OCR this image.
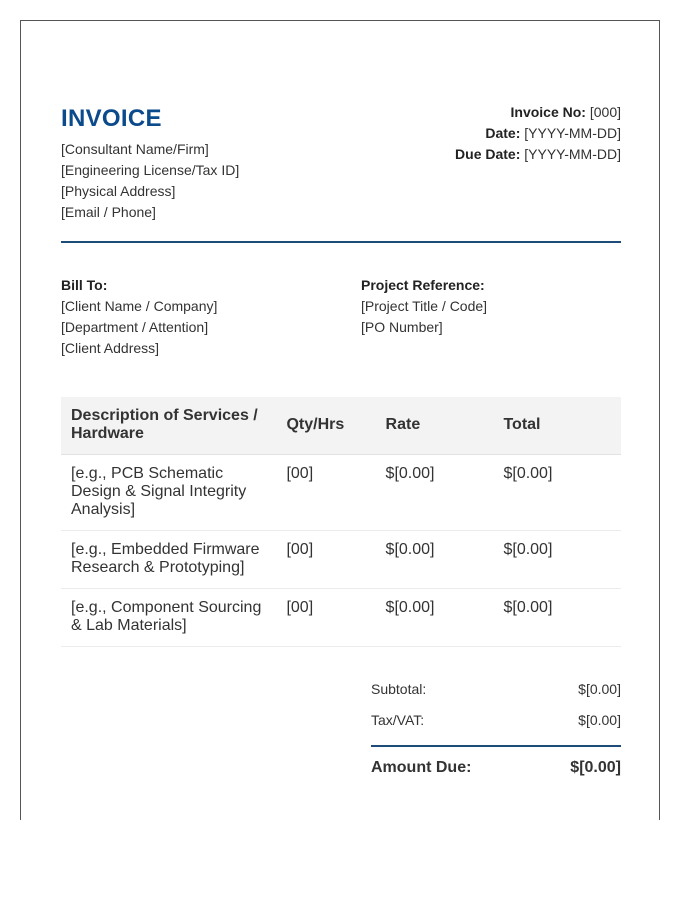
INVOICE
[Consultant Name/Firm]
[Engineering License/Tax ID]
[Physical Address]
[Email / Phone]
Invoice No: [000]
Date: [YYYY-MM-DD]
Due Date: [YYYY-MM-DD]
Bill To:
[Client Name / Company]
[Department / Attention]
[Client Address]
Project Reference:
[Project Title / Code]
[PO Number]
Description of Services / Hardware	Qty/Hrs	Rate	Total
[e.g., PCB Schematic Design & Signal Integrity Analysis]	[00]	$[0.00]	$[0.00]
[e.g., Embedded Firmware Research & Prototyping]	[00]	$[0.00]	$[0.00]
[e.g., Component Sourcing & Lab Materials]	[00]	$[0.00]	$[0.00]
Subtotal:	$[0.00]
Tax/VAT:	$[0.00]
Amount Due:	$[0.00]
